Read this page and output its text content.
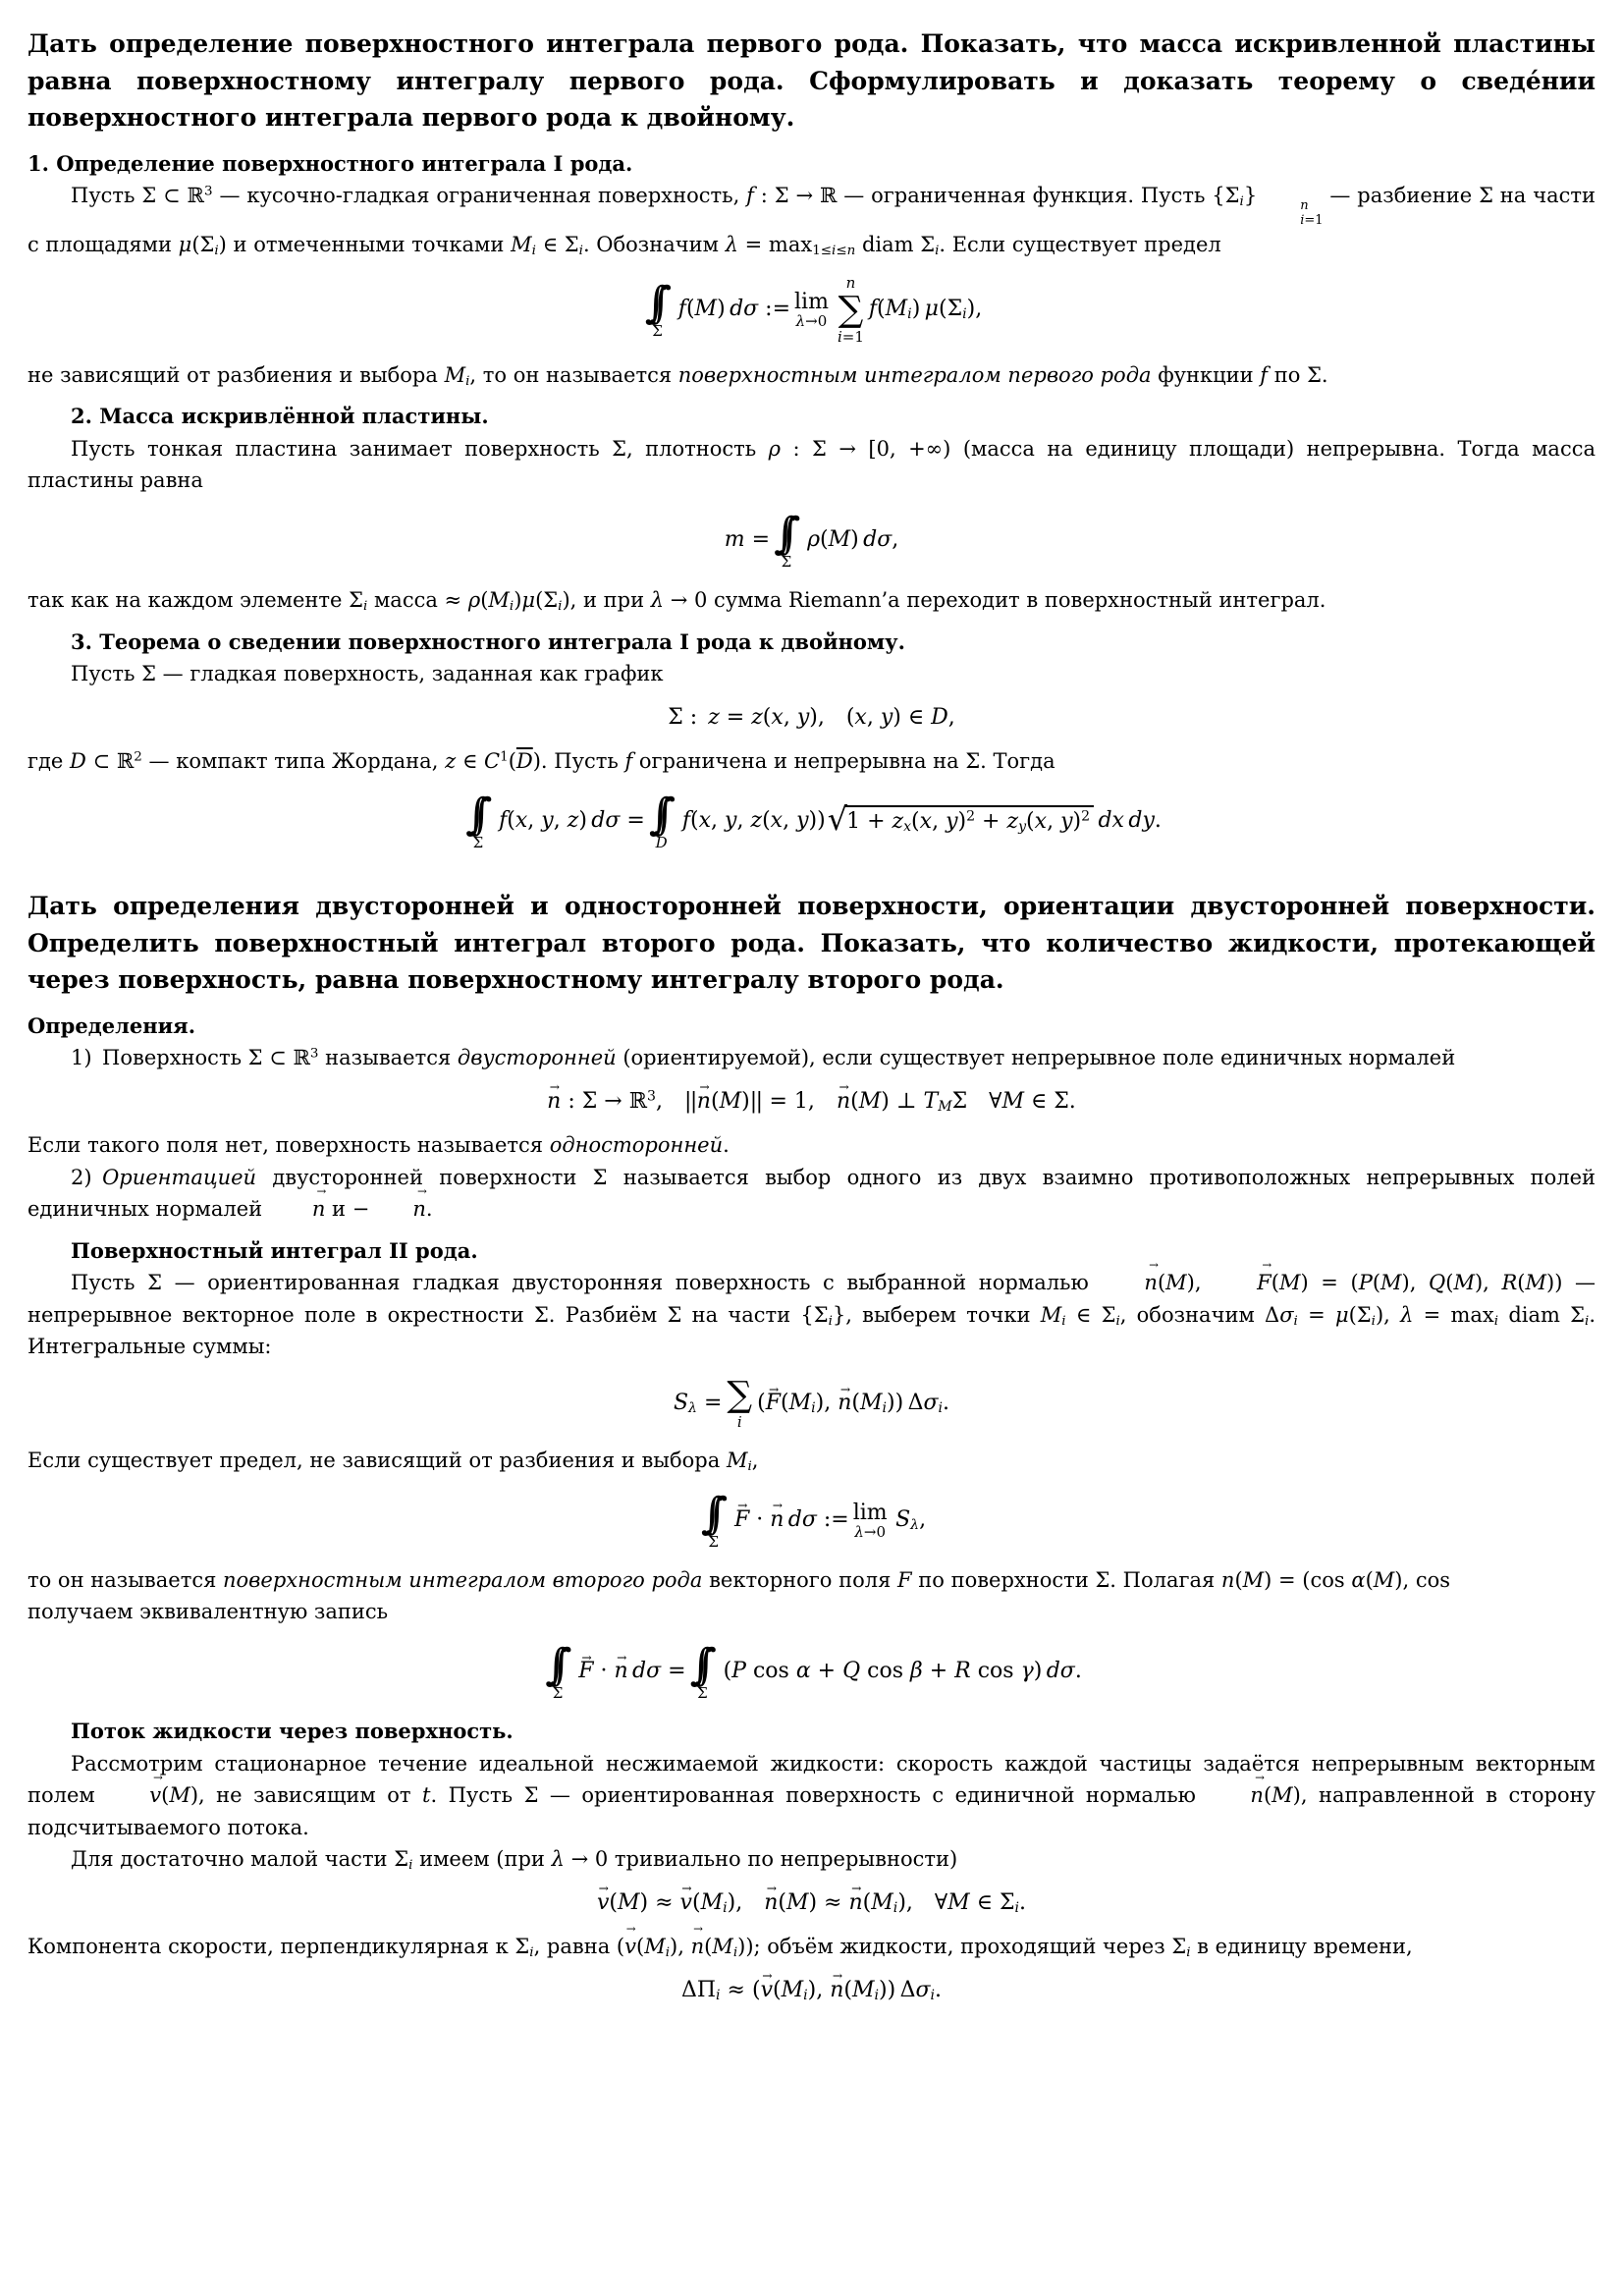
Дать определение поверхностного интеграла первого рода. Показать, что масса искривленной пластины равна поверхностному интегралу первого рода. Сформулировать и доказать теорему о сведе́нии поверхностного интеграла первого рода к двойному.

1. Определение поверхностного интеграла I рода.

Пусть Σ ⊂ ℝ$^3$ — кусочно-гладкая ограниченная поверхность, f : Σ → ℝ — ограниченная функция. Пусть $\{\Sigma_i\}$	n
i=1
— разбиение Σ на части с площадями $\mu(\Sigma_i)$ и отмеченными точками $M_i$ ∈ $\Sigma_i$. Обозначим $\lambda = \max_{1\le i\le n}$ diam $\Sigma_i$. Если существует предел

∫∫
Σ
 f(M) dσ := lim
λ→0
n
∑
i=1
$f(M_i)$ $\mu(\Sigma_i)$,

не зависящий от разбиения и выбора $M_i$, то он называется поверхностным интегралом первого рода функции f по Σ.

2. Масса искривлённой пластины.

Пусть тонкая пластина занимает поверхность Σ, плотность ρ : Σ → [0, +∞) (масса на единицу площади) непрерывна. Тогда масса пластины равна

m = ∫∫
Σ
 ρ(M) dσ,

так как на каждом элементе $\Sigma_i$ масса ≈ $\rho(M_i)\mu(\Sigma_i)$, и при λ → 0 сумма Riemann’а переходит в поверхностный интеграл.

3. Теорема о сведении поверхностного интеграла I рода к двойному.

Пусть Σ — гладкая поверхность, заданная как график

Σ : z = z(x, y), (x, y) ∈ D,

где D ⊂ ℝ$^2$ — компакт типа Жордана, z ∈ $C^1(\overline{D})$. Пусть f ограничена и непрерывна на Σ. Тогда

∫∫
Σ
 f(x, y, z) dσ = ∫∫
D
 f(x, y, z(x, y)) √ $1 + z_x(x$, $y)^2 + z_y(x$, y)$^2$
  dx  dy.

Дать определения двусторонней и односторонней поверхности, ориентации двусторонней поверхности. Определить поверхностный интеграл второго рода. Показать, что количество жидкости, протекающей через поверхность, равна поверхностному интегралу второго рода.

Определения.

1) Поверхность Σ ⊂ ℝ$^3$ называется двусторонней (ориентируемой), если существует непрерывное поле единичных нормалей

n → : Σ → ℝ$^3$, ||n →(M)|| = 1, n →(M) ⊥ $T_M\Sigma$ ∀M ∈ Σ.

Если такого поля нет, поверхность называется односторонней.

2) Ориентацией двусторонней поверхности Σ называется выбор одного из двух взаимно противоположных непрерывных полей единичных нормалей n → и − n →.

Поверхностный интеграл II рода.

Пусть Σ — ориентированная гладкая двусторонняя поверхность с выбранной нормалью n →(M), F →(M) = (P(M), Q(M), R(M)) — непрерывное векторное поле в окрестности Σ. Разбиём Σ на части $\{\Sigma_i\}$, выберем точки $M_i$ ∈ $\Sigma_i$, обозначим $\Delta\sigma_i = \mu(\Sigma_i)$, $\lambda = \max_i$ diam $\Sigma_i$. Интегральные суммы:

$S_\lambda$ = ∑
i
($F \to(M_i)$, $n \to(M_i)$) $\Delta\sigma_i$.

Если существует предел, не зависящий от разбиения и выбора $M_i$,

∫∫
Σ
 F → · n →  dσ := lim
λ→0
  $S_\lambda$,

то он называется поверхностным интегралом второго рода векторного поля F → по поверхности Σ. Полагая n →(M) = (cos α(M), cos

получаем эквивалентную запись

∫∫
Σ
 F → · n →  dσ = ∫∫
Σ
 (P cos α + Q cos β + R cos γ) dσ.

Поток жидкости через поверхность.

Рассмотрим стационарное течение идеальной несжимаемой жидкости: скорость каждой частицы задаётся непрерывным векторным полем v →(M), не зависящим от t. Пусть Σ — ориентированная поверхность с единичной нормалью n →(M), направленной в сторону подсчитываемого потока.

Для достаточно малой части $\Sigma_i$ имеем (при λ → 0 тривиально по непрерывности)

$v \to(M) \approx v \to(M_i)$, $n \to(M) \approx n \to(M_i)$, ∀M ∈ $\Sigma_i$.

Компонента скорости, перпендикулярная к $\Sigma_i$, равна ($v \to(M_i)$, $n \to(M_i)$); объём жидкости, проходящий через $\Sigma_i$ в единицу времени,

$\Delta\Pi_i \approx (v \to(M_i)$, $n \to(M_i)$) $\Delta\sigma_i$.
